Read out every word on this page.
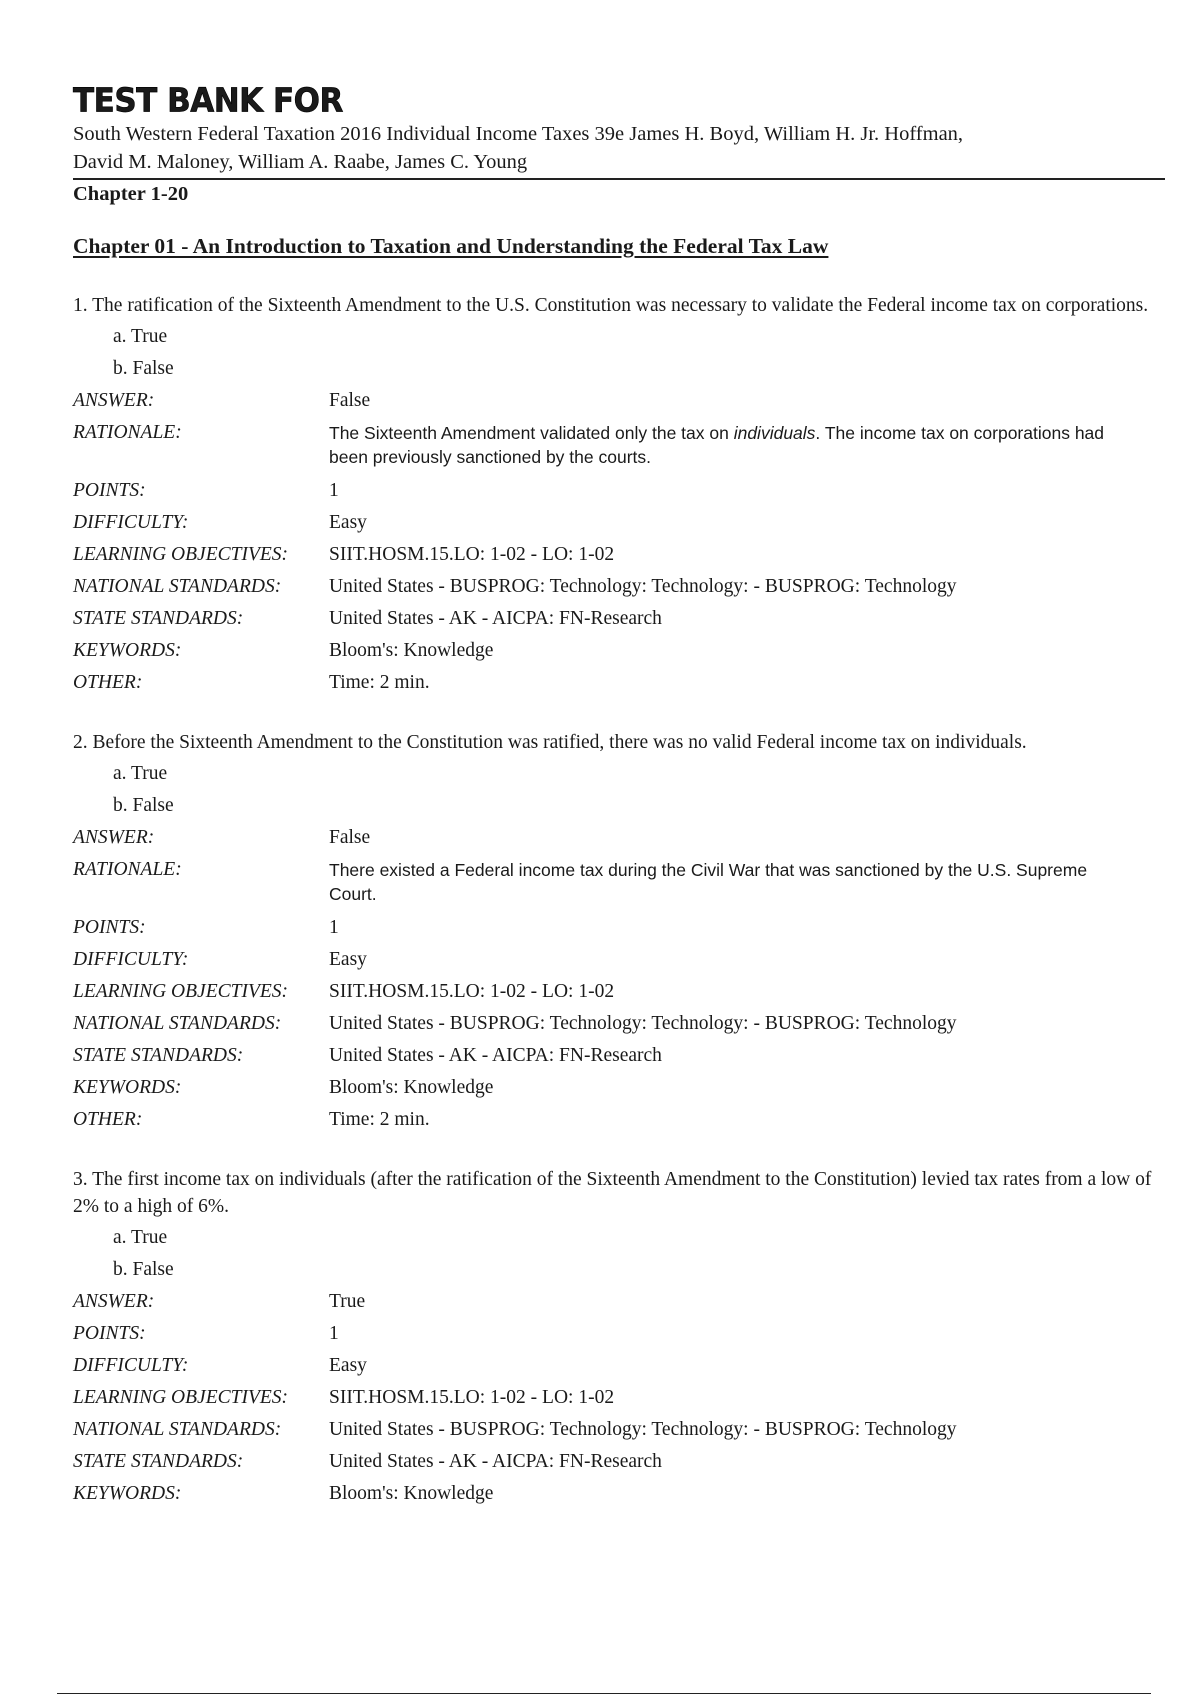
TEST BANK FOR
South Western Federal Taxation 2016 Individual Income Taxes 39e James H. Boyd, William H. Jr. Hoffman,
David M. Maloney, William A. Raabe, James C. Young
Chapter 1-20
Chapter 01 - An Introduction to Taxation and Understanding the Federal Tax Law
1. The ratification of the Sixteenth Amendment to the U.S. Constitution was necessary to validate the Federal income tax on corporations.
a. True
b. False
ANSWER:	False
RATIONALE:	The Sixteenth Amendment validated only the tax on individuals. The income tax on corporations had been previously sanctioned by the courts.
POINTS:	1
DIFFICULTY:	Easy
LEARNING OBJECTIVES:	SIIT.HOSM.15.LO: 1-02 - LO: 1-02
NATIONAL STANDARDS:	United States - BUSPROG: Technology: Technology: - BUSPROG: Technology
STATE STANDARDS:	United States - AK - AICPA: FN-Research
KEYWORDS:	Bloom's: Knowledge
OTHER:	Time: 2 min.
2. Before the Sixteenth Amendment to the Constitution was ratified, there was no valid Federal income tax on individuals.
a. True
b. False
ANSWER:	False
RATIONALE:	There existed a Federal income tax during the Civil War that was sanctioned by the U.S. Supreme Court.
POINTS:	1
DIFFICULTY:	Easy
LEARNING OBJECTIVES:	SIIT.HOSM.15.LO: 1-02 - LO: 1-02
NATIONAL STANDARDS:	United States - BUSPROG: Technology: Technology: - BUSPROG: Technology
STATE STANDARDS:	United States - AK - AICPA: FN-Research
KEYWORDS:	Bloom's: Knowledge
OTHER:	Time: 2 min.
3. The first income tax on individuals (after the ratification of the Sixteenth Amendment to the Constitution) levied tax rates from a low of 2% to a high of 6%.
a. True
b. False
ANSWER:	True
POINTS:	1
DIFFICULTY:	Easy
LEARNING OBJECTIVES:	SIIT.HOSM.15.LO: 1-02 - LO: 1-02
NATIONAL STANDARDS:	United States - BUSPROG: Technology: Technology: - BUSPROG: Technology
STATE STANDARDS:	United States - AK - AICPA: FN-Research
KEYWORDS:	Bloom's: Knowledge
